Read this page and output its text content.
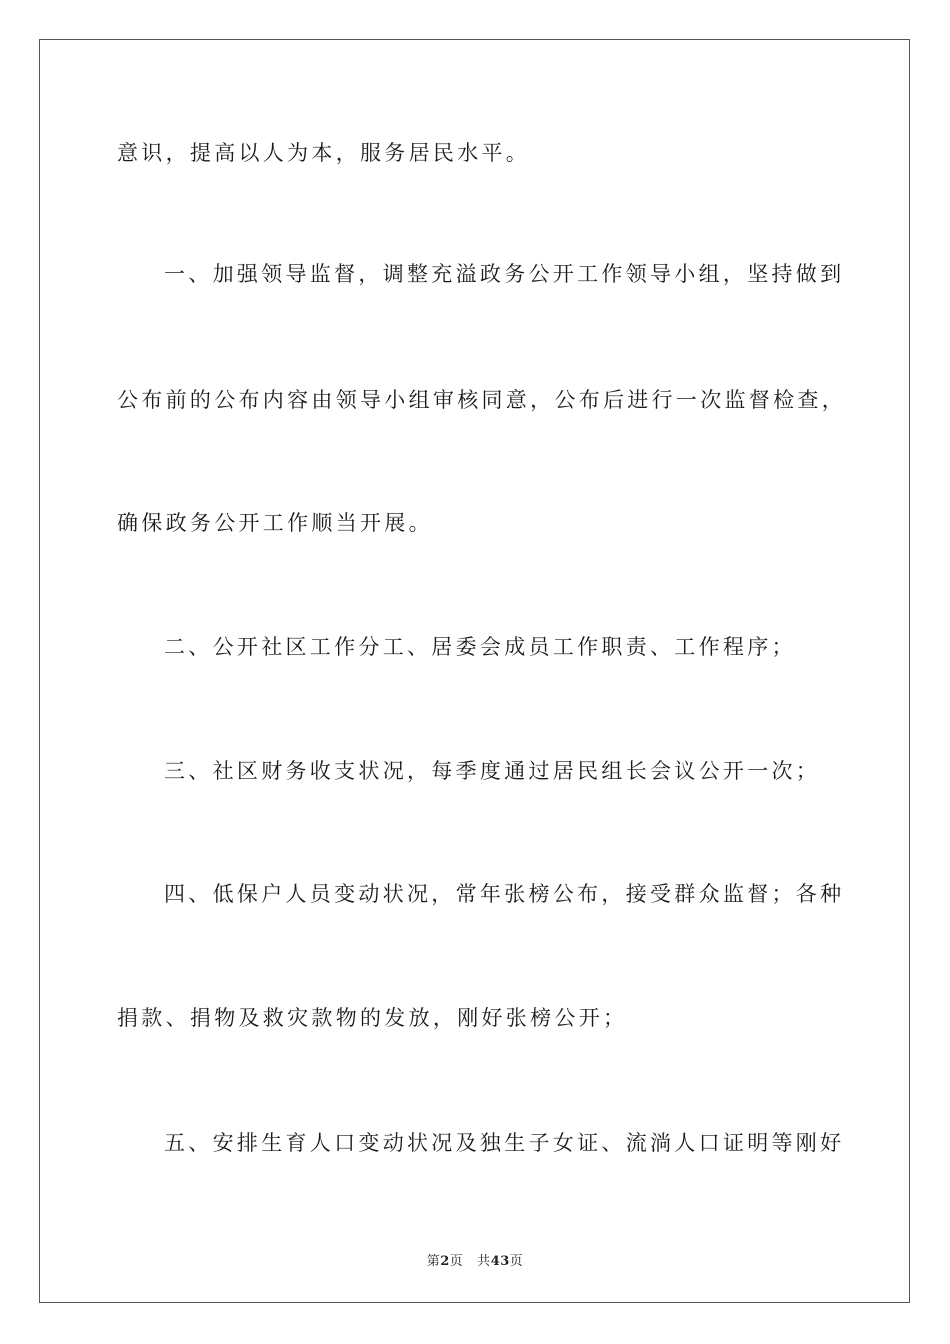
意识，提高以人为本，服务居民水平。
一、加强领导监督，调整充溢政务公开工作领导小组，坚持做到
公布前的公布内容由领导小组审核同意，公布后进行一次监督检查，
确保政务公开工作顺当开展。
二、公开社区工作分工、居委会成员工作职责、工作程序；
三、社区财务收支状况，每季度通过居民组长会议公开一次；
四、低保户人员变动状况，常年张榜公布，接受群众监督；各种
捐款、捐物及救灾款物的发放，刚好张榜公开；
五、安排生育人口变动状况及独生子女证、流淌人口证明等刚好
第2页 共43页
